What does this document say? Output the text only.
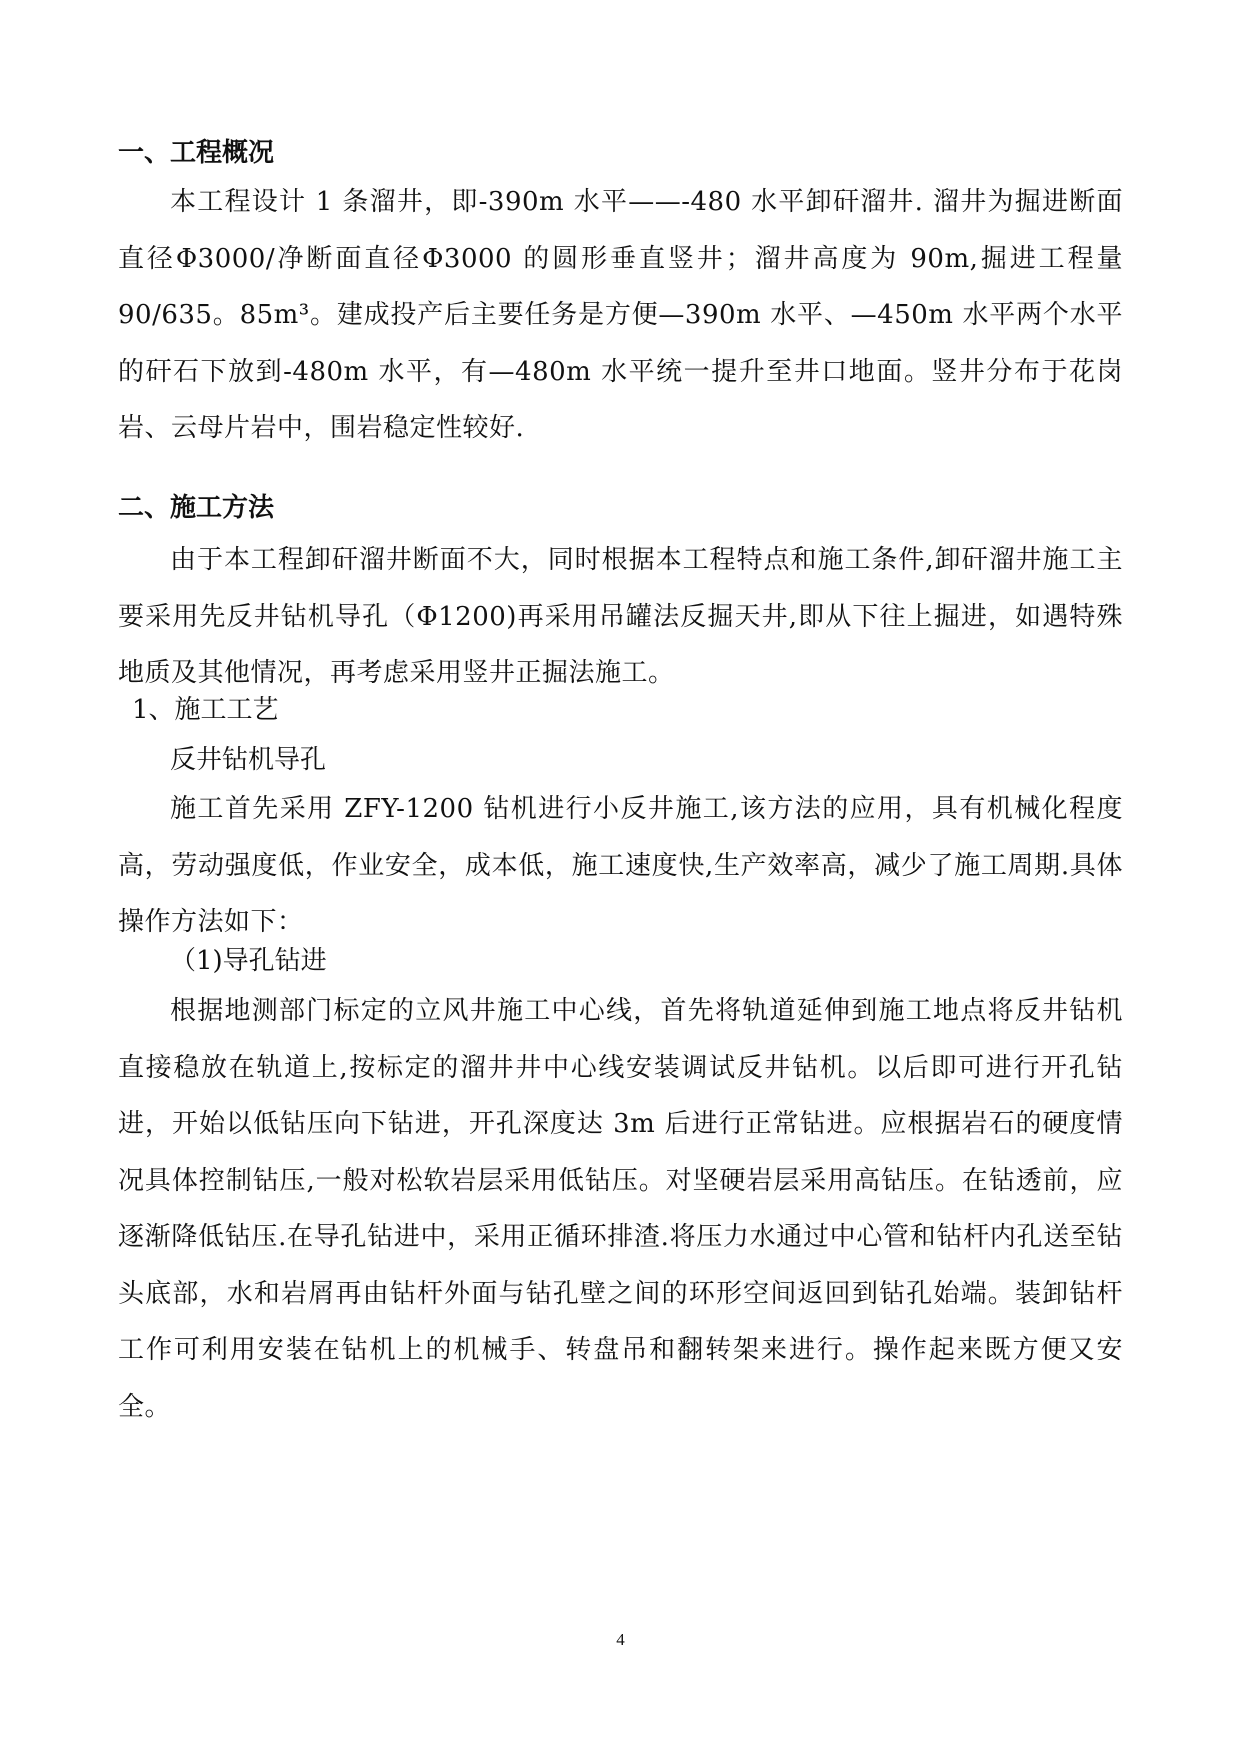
一、工程概况
本工程设计 1 条溜井，即-390m 水平——-480 水平卸矸溜井. 溜井为掘进断面直径Φ3000/净断面直径Φ3000 的圆形垂直竖井；溜井高度为 90m,掘进工程量 90/635。85m³。建成投产后主要任务是方便—390m 水平、—450m 水平两个水平的矸石下放到-480m 水平，有—480m 水平统一提升至井口地面。竖井分布于花岗岩、云母片岩中，围岩稳定性较好.
二、施工方法
由于本工程卸矸溜井断面不大，同时根据本工程特点和施工条件,卸矸溜井施工主要采用先反井钻机导孔（Φ1200)再采用吊罐法反掘天井,即从下往上掘进，如遇特殊地质及其他情况，再考虑采用竖井正掘法施工。
1、施工工艺
反井钻机导孔
施工首先采用 ZFY-1200 钻机进行小反井施工,该方法的应用，具有机械化程度高，劳动强度低，作业安全，成本低，施工速度快,生产效率高，减少了施工周期.具体操作方法如下：
（1)导孔钻进
根据地测部门标定的立风井施工中心线，首先将轨道延伸到施工地点将反井钻机直接稳放在轨道上,按标定的溜井井中心线安装调试反井钻机。以后即可进行开孔钻进，开始以低钻压向下钻进，开孔深度达 3m 后进行正常钻进。应根据岩石的硬度情况具体控制钻压,一般对松软岩层采用低钻压。对坚硬岩层采用高钻压。在钻透前，应逐渐降低钻压.在导孔钻进中，采用正循环排渣.将压力水通过中心管和钻杆内孔送至钻头底部，水和岩屑再由钻杆外面与钻孔壁之间的环形空间返回到钻孔始端。装卸钻杆工作可利用安装在钻机上的机械手、转盘吊和翻转架来进行。操作起来既方便又安全。
4
